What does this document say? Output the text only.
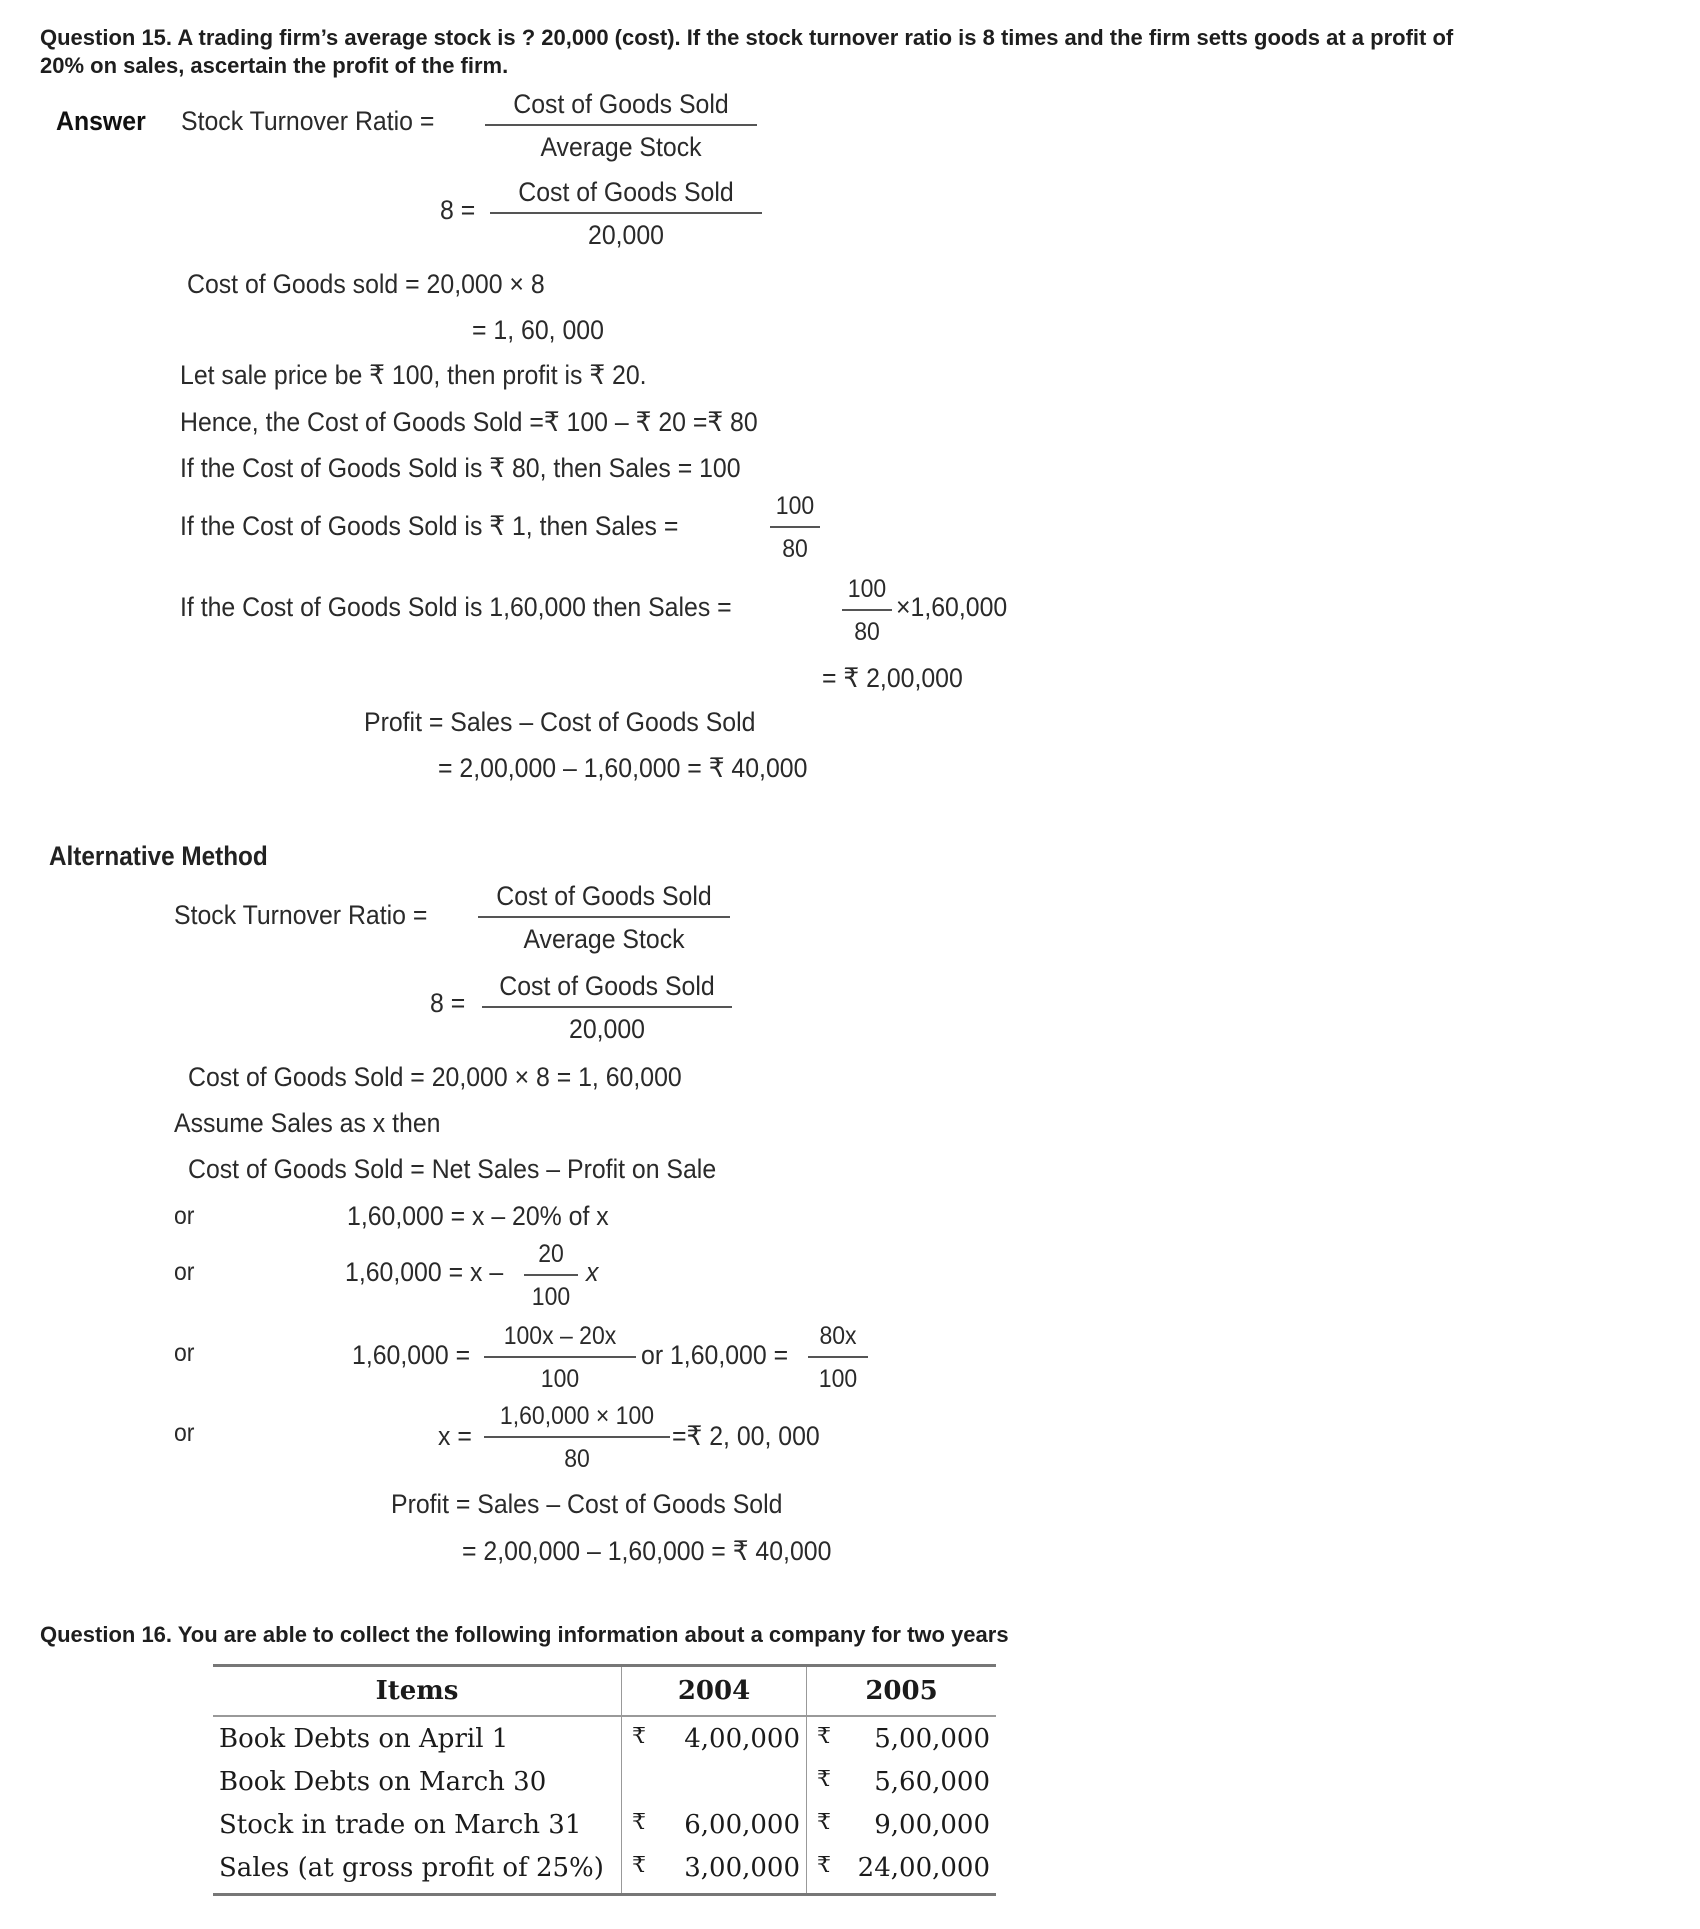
Question 15. A trading firm’s average stock is ? 20,000 (cost). If the stock turnover ratio is 8 times and the firm setts goods at a profit of
20% on sales, ascertain the profit of the firm.
Answer Stock Turnover Ratio =
Cost of Goods Sold
Average Stock
8 =
Cost of Goods Sold
20,000
Cost of Goods sold = 20,000 × 8
= 1, 60, 000
Let sale price be ₹ 100, then profit is ₹ 20.
Hence, the Cost of Goods Sold =₹ 100 – ₹ 20 =₹ 80
If the Cost of Goods Sold is ₹ 80, then Sales = 100
If the Cost of Goods Sold is ₹ 1, then Sales =
100
80
If the Cost of Goods Sold is 1,60,000 then Sales =
100
80
×1,60,000
= ₹ 2,00,000
Profit = Sales – Cost of Goods Sold
= 2,00,000 – 1,60,000 = ₹ 40,000
Alternative Method
Stock Turnover Ratio =
Cost of Goods Sold
Average Stock
8 =
Cost of Goods Sold
20,000
Cost of Goods Sold = 20,000 × 8 = 1, 60,000
Assume Sales as x then
Cost of Goods Sold = Net Sales – Profit on Sale
or	1,60,000 = x – 20% of x
or	1,60,000 = x –
20
100
x
or	1,60,000 =
100x – 20x
100
or 1,60,000 =
80x
100
or	x =
1,60,000 × 100
80
=₹ 2, 00, 000
Profit = Sales – Cost of Goods Sold
= 2,00,000 – 1,60,000 = ₹ 40,000
Question 16. You are able to collect the following information about a company for two years
Items	2004	2005
Book Debts on April 1	₹ 4,00,000	₹ 5,00,000

Book Debts on March 30		₹ 5,60,000

Stock in trade on March 31	₹ 6,00,000	₹ 9,00,000

Sales (at gross profit of 25%)	₹ 3,00,000	₹ 24,00,000
